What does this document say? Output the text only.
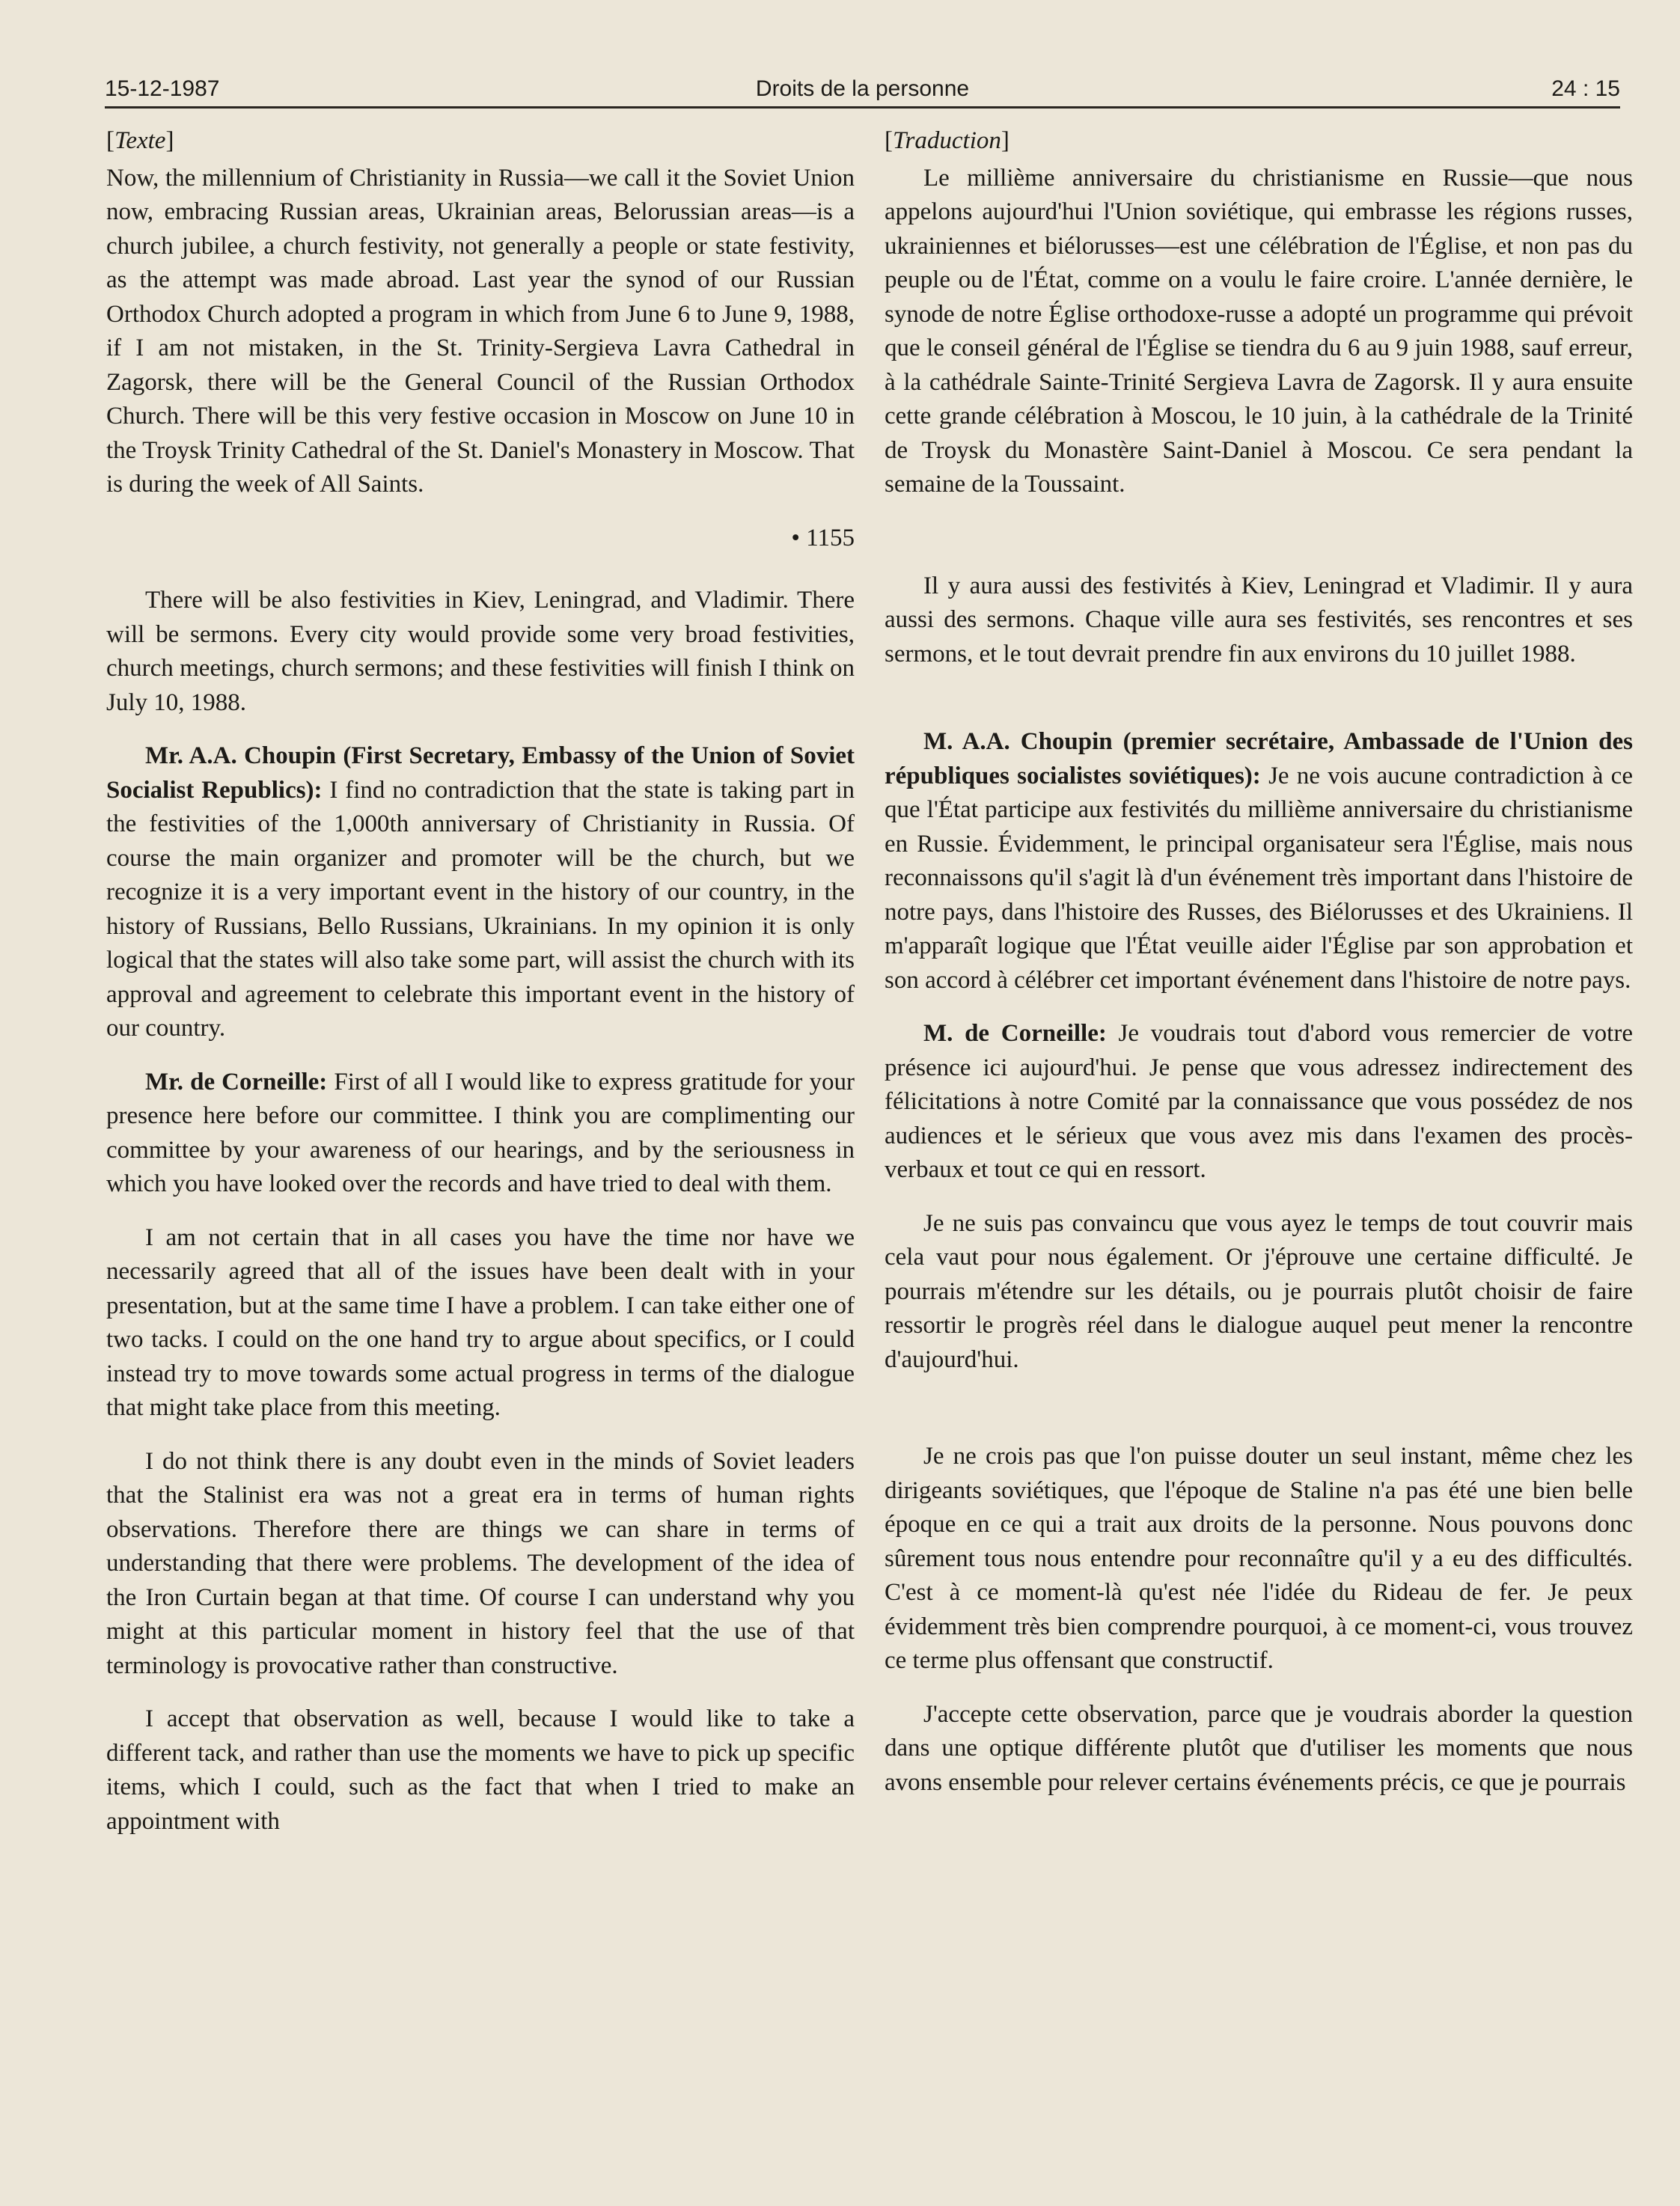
15-12-1987	Droits de la personne	24 : 15

[Texte]

Now, the millennium of Christianity in Russia—we call it the Soviet Union now, embracing Russian areas, Ukrainian areas, Belorussian areas—is a church jubilee, a church festivity, not generally a people or state festivity, as the attempt was made abroad. Last year the synod of our Russian Orthodox Church adopted a program in which from June 6 to June 9, 1988, if I am not mistaken, in the St. Trinity-Sergieva Lavra Cathedral in Zagorsk, there will be the General Council of the Russian Orthodox Church. There will be this very festive occasion in Moscow on June 10 in the Troysk Trinity Cathedral of the St. Daniel's Monastery in Moscow. That is during the week of All Saints.

• 1155

There will be also festivities in Kiev, Leningrad, and Vladimir. There will be sermons. Every city would provide some very broad festivities, church meetings, church sermons; and these festivities will finish I think on July 10, 1988.

Mr. A.A. Choupin (First Secretary, Embassy of the Union of Soviet Socialist Republics): I find no contradiction that the state is taking part in the festivities of the 1,000th anniversary of Christianity in Russia. Of course the main organizer and promoter will be the church, but we recognize it is a very important event in the history of our country, in the history of Russians, Bello Russians, Ukrainians. In my opinion it is only logical that the states will also take some part, will assist the church with its approval and agreement to celebrate this important event in the history of our country.

Mr. de Corneille: First of all I would like to express gratitude for your presence here before our committee. I think you are complimenting our committee by your awareness of our hearings, and by the seriousness in which you have looked over the records and have tried to deal with them.

I am not certain that in all cases you have the time nor have we necessarily agreed that all of the issues have been dealt with in your presentation, but at the same time I have a problem. I can take either one of two tacks. I could on the one hand try to argue about specifics, or I could instead try to move towards some actual progress in terms of the dialogue that might take place from this meeting.

I do not think there is any doubt even in the minds of Soviet leaders that the Stalinist era was not a great era in terms of human rights observations. Therefore there are things we can share in terms of understanding that there were problems. The development of the idea of the Iron Curtain began at that time. Of course I can understand why you might at this particular moment in history feel that the use of that terminology is provocative rather than constructive.

I accept that observation as well, because I would like to take a different tack, and rather than use the moments we have to pick up specific items, which I could, such as the fact that when I tried to make an appointment with

[Traduction]

Le millième anniversaire du christianisme en Russie—que nous appelons aujourd'hui l'Union soviétique, qui embrasse les régions russes, ukrainiennes et biélorusses—est une célébration de l'Église, et non pas du peuple ou de l'État, comme on a voulu le faire croire. L'année dernière, le synode de notre Église orthodoxe-russe a adopté un programme qui prévoit que le conseil général de l'Église se tiendra du 6 au 9 juin 1988, sauf erreur, à la cathédrale Sainte-Trinité Sergieva Lavra de Zagorsk. Il y aura ensuite cette grande célébration à Moscou, le 10 juin, à la cathédrale de la Trinité de Troysk du Monastère Saint-Daniel à Moscou. Ce sera pendant la semaine de la Toussaint.

Il y aura aussi des festivités à Kiev, Leningrad et Vladimir. Il y aura aussi des sermons. Chaque ville aura ses festivités, ses rencontres et ses sermons, et le tout devrait prendre fin aux environs du 10 juillet 1988.

M. A.A. Choupin (premier secrétaire, Ambassade de l'Union des républiques socialistes soviétiques): Je ne vois aucune contradiction à ce que l'État participe aux festivités du millième anniversaire du christianisme en Russie. Évidemment, le principal organisateur sera l'Église, mais nous reconnaissons qu'il s'agit là d'un événement très important dans l'histoire de notre pays, dans l'histoire des Russes, des Biélorusses et des Ukrainiens. Il m'apparaît logique que l'État veuille aider l'Église par son approbation et son accord à célébrer cet important événement dans l'histoire de notre pays.

M. de Corneille: Je voudrais tout d'abord vous remercier de votre présence ici aujourd'hui. Je pense que vous adressez indirectement des félicitations à notre Comité par la connaissance que vous possédez de nos audiences et le sérieux que vous avez mis dans l'examen des procès-verbaux et tout ce qui en ressort.

Je ne suis pas convaincu que vous ayez le temps de tout couvrir mais cela vaut pour nous également. Or j'éprouve une certaine difficulté. Je pourrais m'étendre sur les détails, ou je pourrais plutôt choisir de faire ressortir le progrès réel dans le dialogue auquel peut mener la rencontre d'aujourd'hui.

Je ne crois pas que l'on puisse douter un seul instant, même chez les dirigeants soviétiques, que l'époque de Staline n'a pas été une bien belle époque en ce qui a trait aux droits de la personne. Nous pouvons donc sûrement tous nous entendre pour reconnaître qu'il y a eu des difficultés. C'est à ce moment-là qu'est née l'idée du Rideau de fer. Je peux évidemment très bien comprendre pourquoi, à ce moment-ci, vous trouvez ce terme plus offensant que constructif.

J'accepte cette observation, parce que je voudrais aborder la question dans une optique différente plutôt que d'utiliser les moments que nous avons ensemble pour relever certains événements précis, ce que je pourrais
